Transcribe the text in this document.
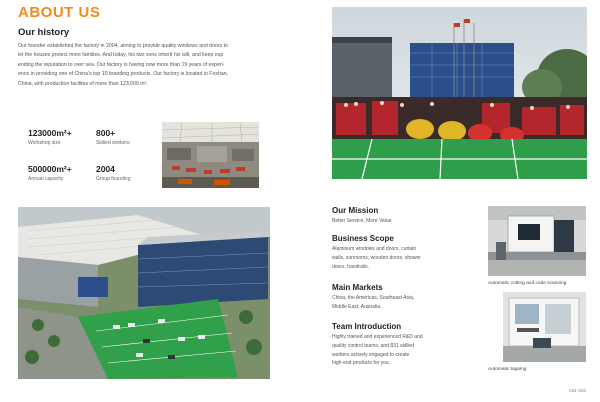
ABOUT US
Our history
Our founder established the factory in 2004, aiming to provide quality windows and doors to
let the houses protect more families. And today, his two sons inherit his will, and keep exp
ending the reputation to over sea. Our factory is having now more than 19 years of experi-
ence in providing one of China's top 10 branding products. Our factory is located in Foshan,
China, with production facilites of more than 123,000 m².
123000m²+
Workshop size
800+
Skilled workers
500000m²+
Annual capacity
2004
Group founding
Our Mission
Better Service, More Value.
Business Scope
Aluminum windows and doors, curtain
walls, sunrooms, wooden doors, shower
doors, handrails.
Main Markets
China, the Americas, Southeast Asia,
Middle East, Australia.
Team Introduction
Highly trained and experienced R&D and
quality control teams, and 831 skilled
workers actively engaged to create
high-end products for you.
Automatic cutting and code scanning
Automatic tapping
001-002
